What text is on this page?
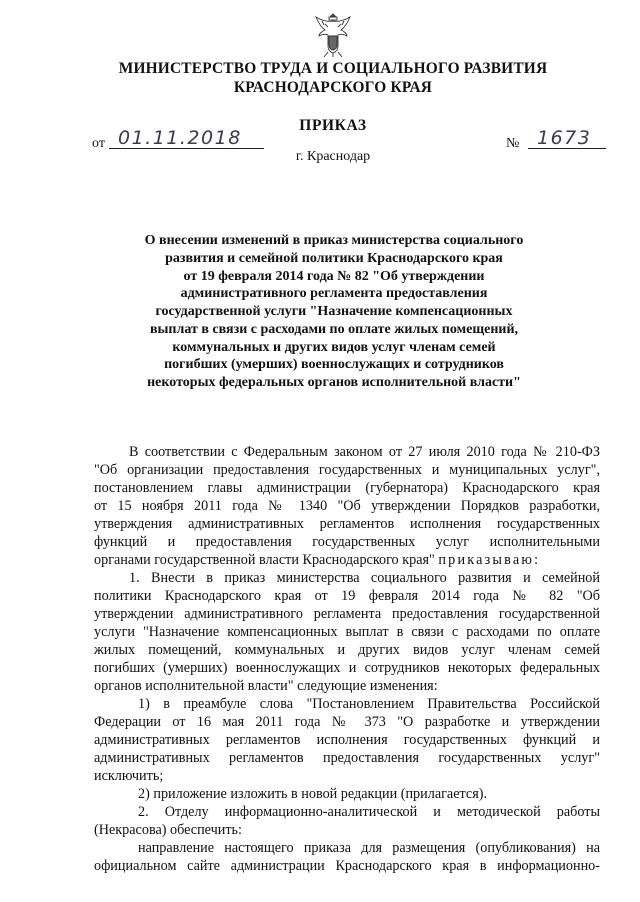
МИНИСТЕРСТВО ТРУДА И СОЦИАЛЬНОГО РАЗВИТИЯ
КРАСНОДАРСКОГО КРАЯ
ПРИКАЗ
от 01.11.2018	№ 1673
г. Краснодар
О внесении изменений в приказ министерства социального
развития и семейной политики Краснодарского края
от 19 февраля 2014 года № 82 "Об утверждении
административного регламента предоставления
государственной услуги "Назначение компенсационных
выплат в связи с расходами по оплате жилых помещений,
коммунальных и других видов услуг членам семей
погибших (умерших) военнослужащих и сотрудников
некоторых федеральных органов исполнительной власти"
В соответствии с Федеральным законом от 27 июля 2010 года № 210-ФЗ
"Об организации предоставления государственных и муниципальных услуг",
постановлением главы администрации (губернатора) Краснодарского края
от 15 ноября 2011 года № 1340 "Об утверждении Порядков разработки,
утверждения административных регламентов исполнения государственных
функций и предоставления государственных услуг исполнительными
органами государственной власти Краснодарского края" приказываю:
1. Внести в приказ министерства социального развития и семейной
политики Краснодарского края от 19 февраля 2014 года № 82 "Об
утверждении административного регламента предоставления государственной
услуги "Назначение компенсационных выплат в связи с расходами по оплате
жилых помещений, коммунальных и других видов услуг членам семей
погибших (умерших) военнослужащих и сотрудников некоторых федеральных
органов исполнительной власти" следующие изменения:
1) в преамбуле слова "Постановлением Правительства Российской
Федерации от 16 мая 2011 года № 373 "О разработке и утверждении
административных регламентов исполнения государственных функций и
административных регламентов предоставления государственных услуг"
исключить;
2) приложение изложить в новой редакции (прилагается).
2. Отделу информационно-аналитической и методической работы
(Некрасова) обеспечить:
направление настоящего приказа для размещения (опубликования) на
официальном сайте администрации Краснодарского края в информационно-
